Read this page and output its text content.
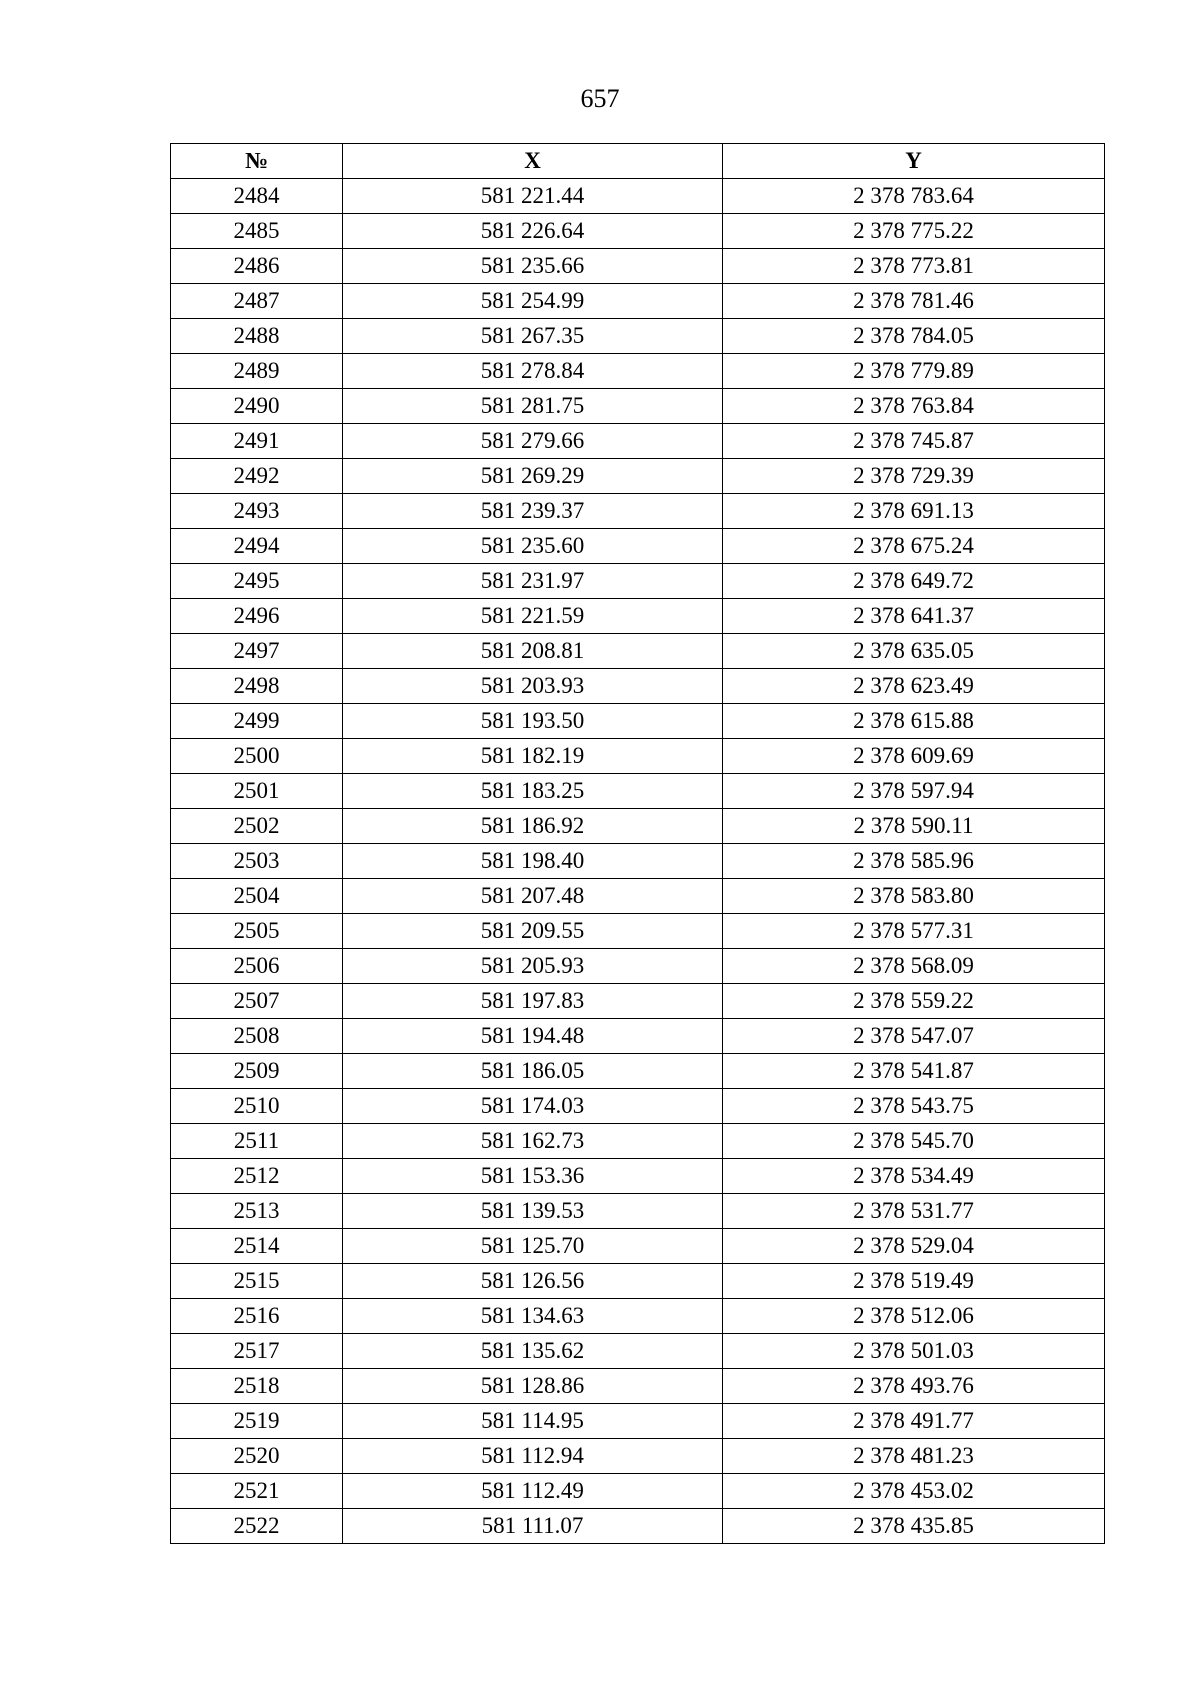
657
№	X	Y
2484	581 221.44	2 378 783.64
2485	581 226.64	2 378 775.22
2486	581 235.66	2 378 773.81
2487	581 254.99	2 378 781.46
2488	581 267.35	2 378 784.05
2489	581 278.84	2 378 779.89
2490	581 281.75	2 378 763.84
2491	581 279.66	2 378 745.87
2492	581 269.29	2 378 729.39
2493	581 239.37	2 378 691.13
2494	581 235.60	2 378 675.24
2495	581 231.97	2 378 649.72
2496	581 221.59	2 378 641.37
2497	581 208.81	2 378 635.05
2498	581 203.93	2 378 623.49
2499	581 193.50	2 378 615.88
2500	581 182.19	2 378 609.69
2501	581 183.25	2 378 597.94
2502	581 186.92	2 378 590.11
2503	581 198.40	2 378 585.96
2504	581 207.48	2 378 583.80
2505	581 209.55	2 378 577.31
2506	581 205.93	2 378 568.09
2507	581 197.83	2 378 559.22
2508	581 194.48	2 378 547.07
2509	581 186.05	2 378 541.87
2510	581 174.03	2 378 543.75
2511	581 162.73	2 378 545.70
2512	581 153.36	2 378 534.49
2513	581 139.53	2 378 531.77
2514	581 125.70	2 378 529.04
2515	581 126.56	2 378 519.49
2516	581 134.63	2 378 512.06
2517	581 135.62	2 378 501.03
2518	581 128.86	2 378 493.76
2519	581 114.95	2 378 491.77
2520	581 112.94	2 378 481.23
2521	581 112.49	2 378 453.02
2522	581 111.07	2 378 435.85
